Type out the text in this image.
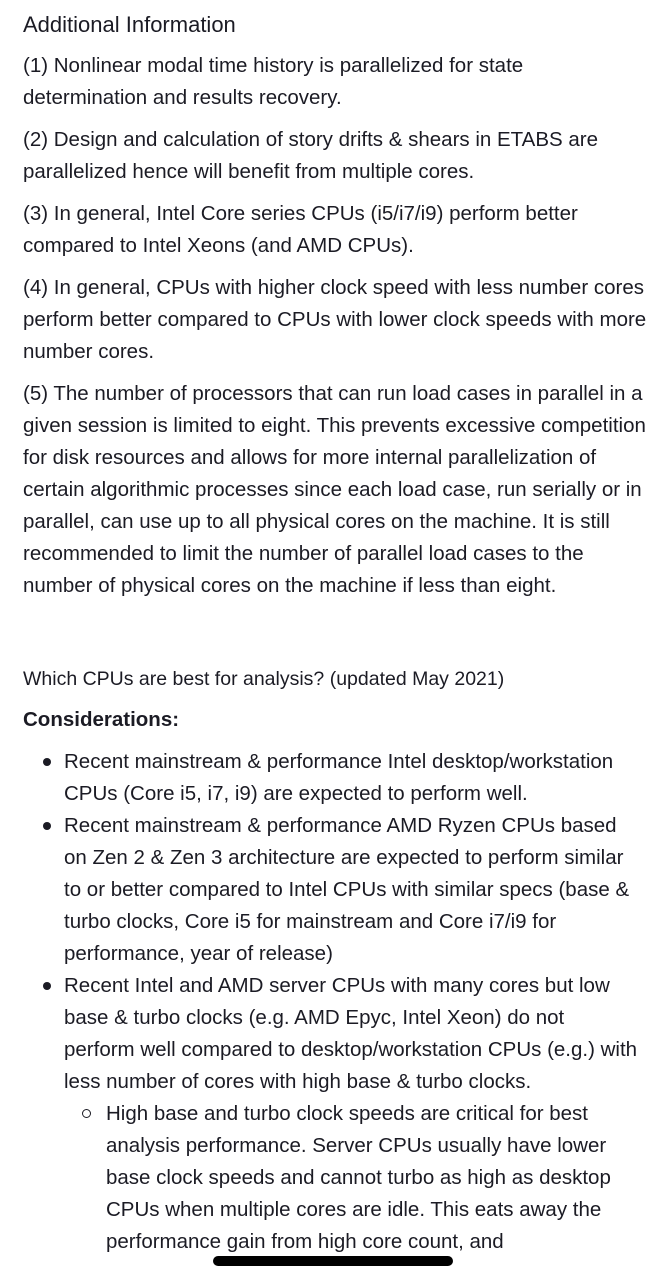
Additional Information

(1) Nonlinear modal time history is parallelized for state determination and results recovery.

(2) Design and calculation of story drifts & shears in ETABS are parallelized hence will benefit from multiple cores.

(3) In general, Intel Core series CPUs (i5/i7/i9) perform better compared to Intel Xeons (and AMD CPUs).

(4) In general, CPUs with higher clock speed with less number cores perform better compared to CPUs with lower clock speeds with more number cores.

(5) The number of processors that can run load cases in parallel in a given session is limited to eight. This prevents excessive competition for disk resources and allows for more internal parallelization of certain algorithmic processes since each load case, run serially or in parallel, can use up to all physical cores on the machine. It is still recommended to limit the number of parallel load cases to the number of physical cores on the machine if less than eight.

Which CPUs are best for analysis? (updated May 2021)

Considerations:

Recent mainstream & performance Intel desktop/workstation CPUs (Core i5, i7, i9) are expected to perform well.
Recent mainstream & performance AMD Ryzen CPUs based on Zen 2 & Zen 3 architecture are expected to perform similar to or better compared to Intel CPUs with similar specs (base & turbo clocks, Core i5 for mainstream and Core i7/i9 for performance, year of release)
Recent Intel and AMD server CPUs with many cores but low base & turbo clocks (e.g. AMD Epyc, Intel Xeon) do not perform well compared to desktop/workstation CPUs (e.g.) with less number of cores with high base & turbo clocks.
High base and turbo clock speeds are critical for best analysis performance. Server CPUs usually have lower base clock speeds and cannot turbo as high as desktop CPUs when multiple cores are idle. This eats away the performance gain from high core count, and
